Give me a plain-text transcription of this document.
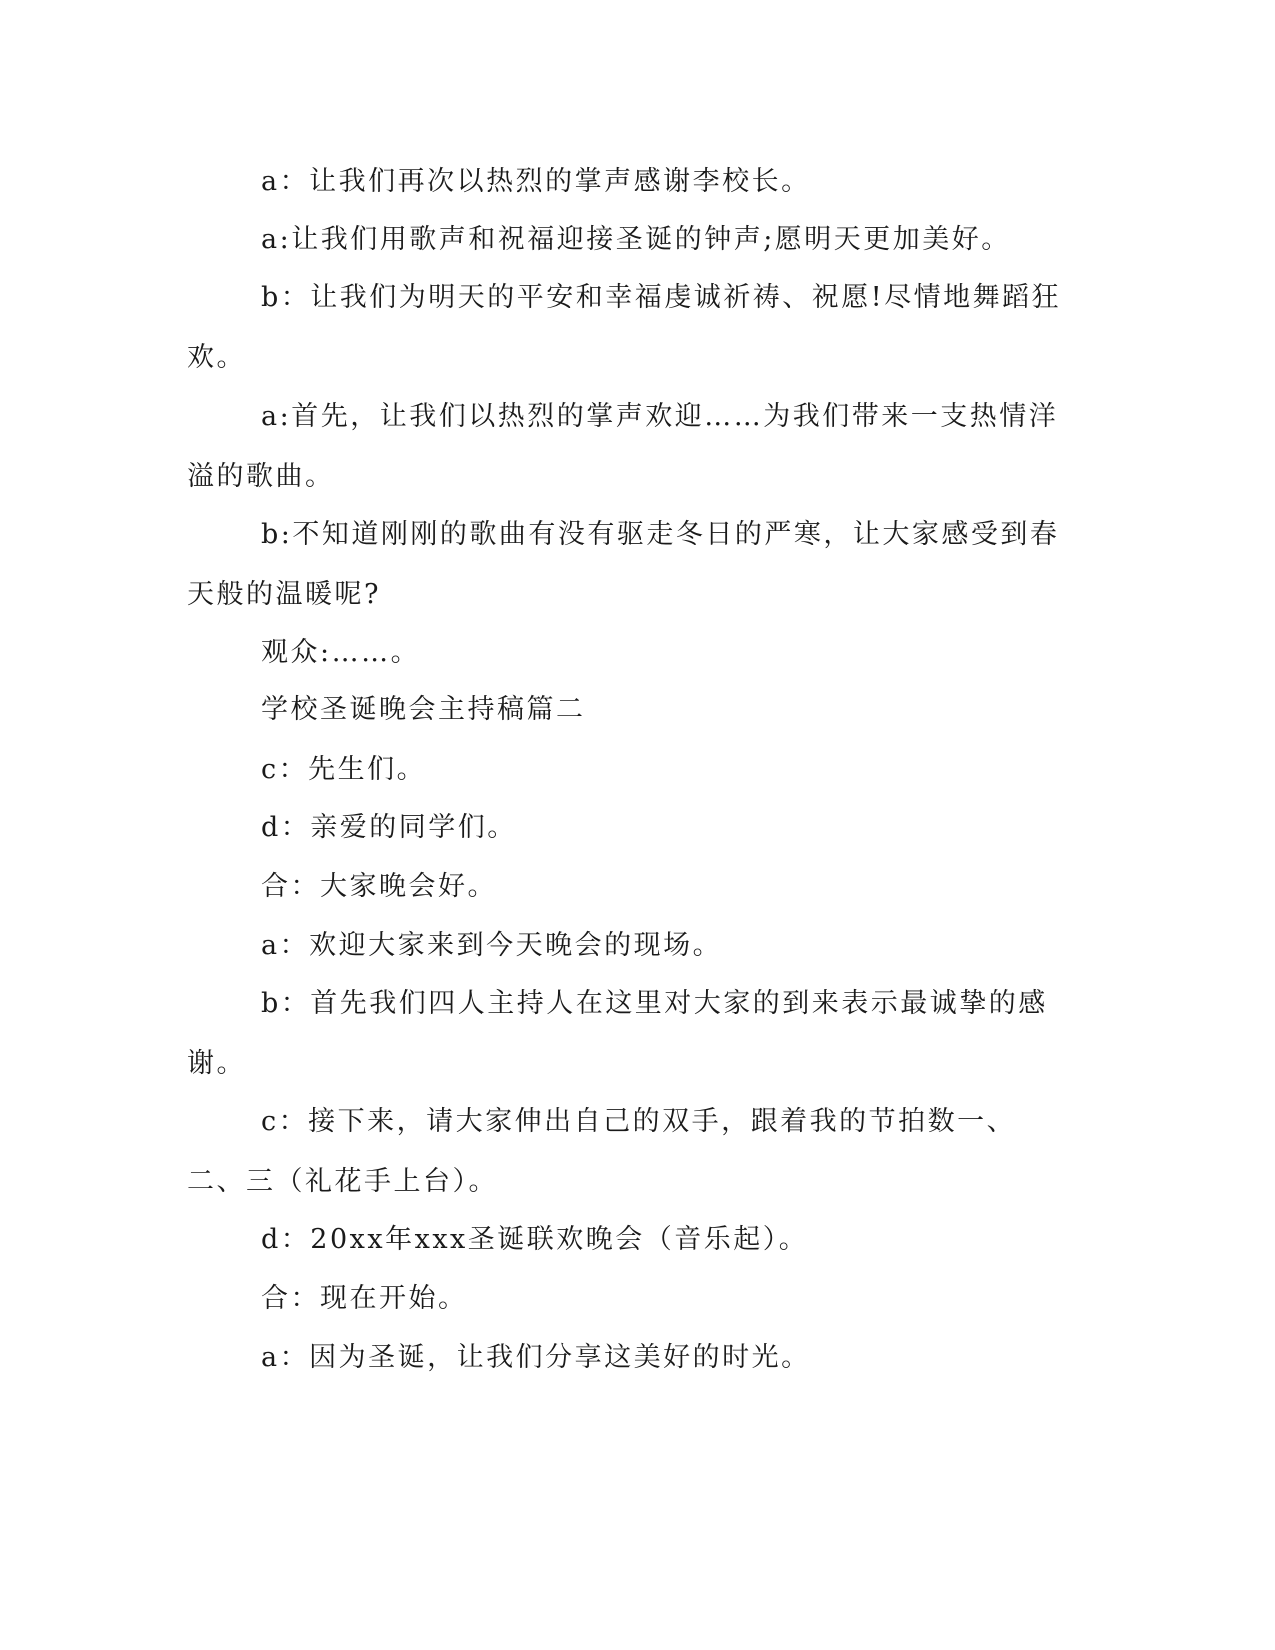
a：让我们再次以热烈的掌声感谢李校长。

a:让我们用歌声和祝福迎接圣诞的钟声;愿明天更加美好。

b：让我们为明天的平安和幸福虔诚祈祷、祝愿!尽情地舞蹈狂欢。

a:首先，让我们以热烈的掌声欢迎……为我们带来一支热情洋溢的歌曲。

b:不知道刚刚的歌曲有没有驱走冬日的严寒，让大家感受到春天般的温暖呢?

观众:……。

学校圣诞晚会主持稿篇二

c：先生们。

d：亲爱的同学们。

合：大家晚会好。

a：欢迎大家来到今天晚会的现场。

b：首先我们四人主持人在这里对大家的到来表示最诚挚的感谢。

c：接下来，请大家伸出自己的双手，跟着我的节拍数一、二、三（礼花手上台）。

d：20xx年xxx圣诞联欢晚会（音乐起）。

合：现在开始。

a：因为圣诞，让我们分享这美好的时光。
